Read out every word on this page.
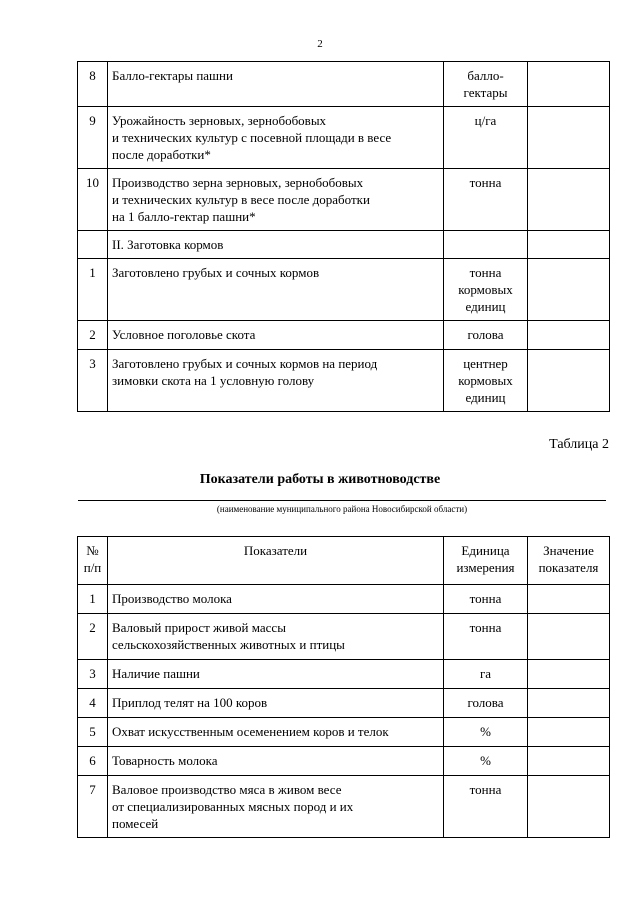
2
8	Балло-гектары пашни	балло-
гектары	

9	Урожайность зерновых, зернобобовых
и технических культур с посевной площади в весе
после доработки*	ц/га	

10	Производство зерна зерновых, зернобобовых
и технических культур в весе после доработки
на 1 балло-гектар пашни*	тонна	

	II. Заготовка кормов		

1	Заготовлено грубых и сочных кормов	тонна
кормовых
единиц	

2	Условное поголовье скота	голова	

3	Заготовлено грубых и сочных кормов на период
зимовки скота на 1 условную голову	центнер
кормовых
единиц	

Таблица 2
Показатели работы в животноводстве
(наименование муниципального района Новосибирской области)
№
п/п	Показатели	Единица
измерения	Значение
показателя

1	Производство молока	тонна	

2	Валовый прирост живой массы
сельскохозяйственных животных и птицы	тонна	

3	Наличие пашни	га	

4	Приплод телят на 100 коров	голова	

5	Охват искусственным осеменением коров и телок	%	

6	Товарность молока	%	

7	Валовое производство мяса в живом весе
от специализированных мясных пород и их
помесей	тонна	
